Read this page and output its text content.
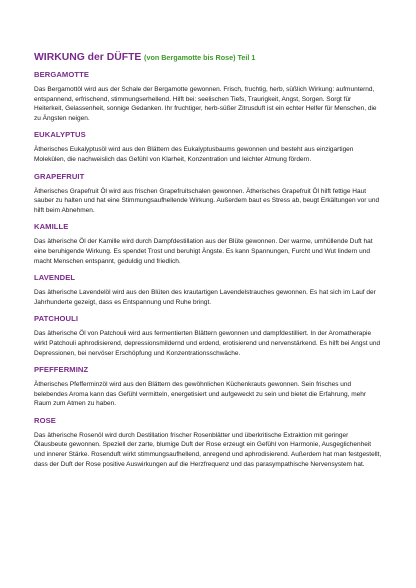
WIRKUNG der DÜFTE (von Bergamotte bis Rose) Teil 1
BERGAMOTTE

Das Bergamottöl wird aus der Schale der Bergamotte gewonnen. Frisch, fruchtig, herb, süßlich Wirkung: aufmunternd, entspannend, erfrischend, stimmungserhellend. Hilft bei: seelischen Tiefs, Traurigkeit, Angst, Sorgen. Sorgt für Heiterkeit, Gelassenheit, sonnige Gedanken. Ihr fruchtiger, herb-süßer Zitrusduft ist ein echter Helfer für Menschen, die zu Ängsten neigen.

EUKALYPTUS

Ätherisches Eukalyptusöl wird aus den Blättern des Eukalyptusbaums gewonnen und besteht aus einzigartigen Molekülen, die nachweislich das Gefühl von Klarheit, Konzentration und leichter Atmung fördern.

GRAPEFRUIT

Ätherisches Grapefruit Öl wird aus frischen Grapefruitschalen gewonnen. Ätherisches Grapefruit Öl hilft fettige Haut sauber zu halten und hat eine Stimmungsaufhellende Wirkung. Außerdem baut es Stress ab, beugt Erkältungen vor und hilft beim Abnehmen.

KAMILLE

Das ätherische Öl der Kamille wird durch Dampfdestillation aus der Blüte gewonnen. Der warme, umhüllende Duft hat eine beruhigende Wirkung. Es spendet Trost und beruhigt Ängste. Es kann Spannungen, Furcht und Wut lindern und macht Menschen entspannt, geduldig und friedlich.

LAVENDEL

Das ätherische Lavendelöl wird aus den Blüten des krautartigen Lavendelstrauches gewonnen. Es hat sich im Lauf der Jahrhunderte gezeigt, dass es Entspannung und Ruhe bringt.

PATCHOULI

Das ätherische Öl von Patchouli wird aus fermentierten Blättern gewonnen und dampfdestilliert. In der Aromatherapie wirkt Patchouli aphrodisierend, depressionsmildernd und erdend, erotisierend und nervenstärkend. Es hilft bei Angst und Depressionen, bei nervöser Erschöpfung und Konzentrationsschwäche.

PFEFFERMINZ

Ätherisches Pfefferminzöl wird aus den Blättern des gewöhnlichen Küchenkrauts gewonnen. Sein frisches und belebendes Aroma kann das Gefühl vermitteln, energetisiert und aufgeweckt zu sein und bietet die Erfahrung, mehr Raum zum Atmen zu haben.

ROSE

Das ätherische Rosenöl wird durch Destillation frischer Rosenblätter und überkritische Extraktion mit geringer Ölausbeute gewonnen. Speziell der zarte, blumige Duft der Rose erzeugt ein Gefühl von Harmonie, Ausgeglichenheit und innerer Stärke. Rosenduft wirkt stimmungsaufhellend, anregend und aphrodisierend. Außerdem hat man festgestellt, dass der Duft der Rose positive Auswirkungen auf die Herzfrequenz und das parasympathische Nervensystem hat.
